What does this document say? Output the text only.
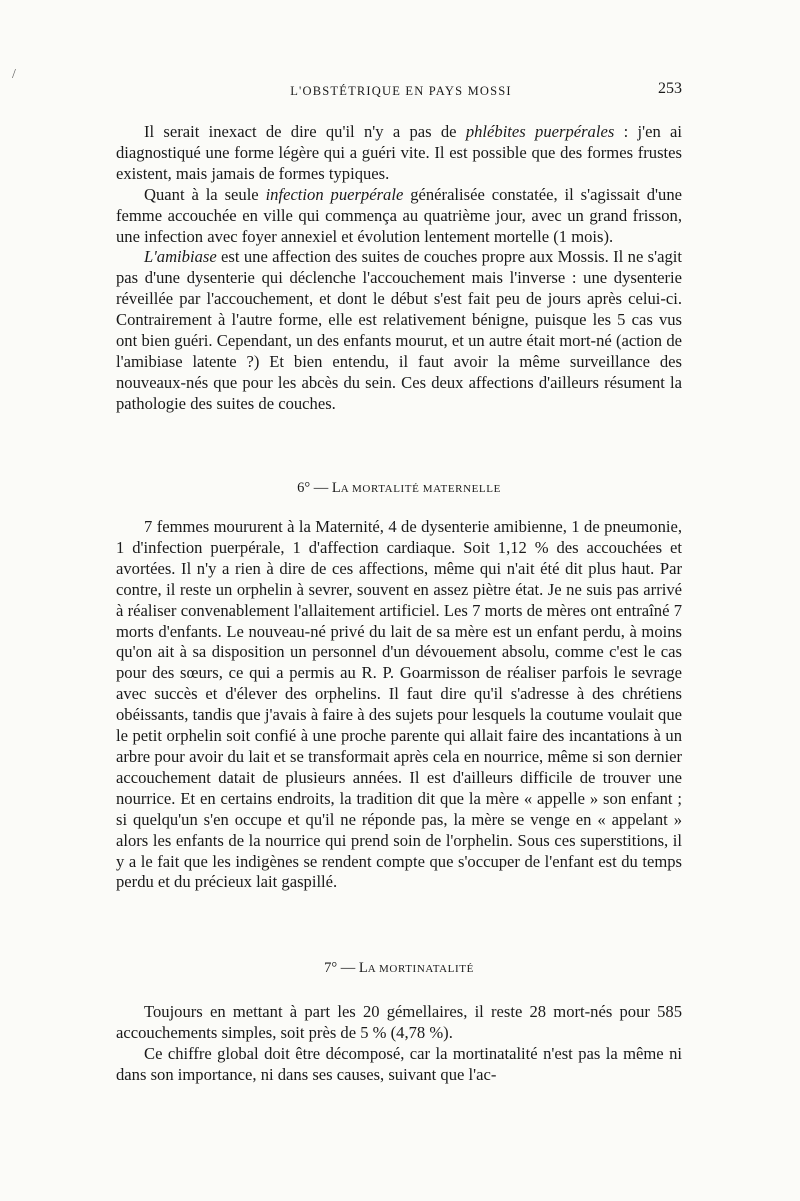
/
L'OBSTÉTRIQUE EN PAYS MOSSI	253

Il serait inexact de dire qu'il n'y a pas de phlébites puerpérales : j'en ai diagnostiqué une forme légère qui a guéri vite. Il est possible que des formes frustes existent, mais jamais de formes typiques.

Quant à la seule infection puerpérale généralisée constatée, il s'agissait d'une femme accouchée en ville qui commença au quatrième jour, avec un grand frisson, une infection avec foyer annexiel et évolution lentement mortelle (1 mois).

L'amibiase est une affection des suites de couches propre aux Mossis. Il ne s'agit pas d'une dysenterie qui déclenche l'accouchement mais l'inverse : une dysenterie réveillée par l'accouchement, et dont le début s'est fait peu de jours après celui-ci. Contrairement à l'autre forme, elle est relativement bénigne, puisque les 5 cas vus ont bien guéri. Cependant, un des enfants mourut, et un autre était mort-né (action de l'amibiase latente ?) Et bien entendu, il faut avoir la même surveillance des nouveaux-nés que pour les abcès du sein. Ces deux affections d'ailleurs résument la pathologie des suites de couches.

6° — LA MORTALITÉ MATERNELLE

7 femmes moururent à la Maternité, 4 de dysenterie amibienne, 1 de pneumonie, 1 d'infection puerpérale, 1 d'affection cardiaque. Soit 1,12 % des accouchées et avortées. Il n'y a rien à dire de ces affections, même qui n'ait été dit plus haut. Par contre, il reste un orphelin à sevrer, souvent en assez piètre état. Je ne suis pas arrivé à réaliser convenablement l'allaitement artificiel. Les 7 morts de mères ont entraîné 7 morts d'enfants. Le nouveau-né privé du lait de sa mère est un enfant perdu, à moins qu'on ait à sa disposition un personnel d'un dévouement absolu, comme c'est le cas pour des sœurs, ce qui a permis au R. P. Goarmisson de réaliser parfois le sevrage avec succès et d'élever des orphelins. Il faut dire qu'il s'adresse à des chrétiens obéissants, tandis que j'avais à faire à des sujets pour lesquels la coutume voulait que le petit orphelin soit confié à une proche parente qui allait faire des incantations à un arbre pour avoir du lait et se transformait après cela en nourrice, même si son dernier accouchement datait de plusieurs années. Il est d'ailleurs difficile de trouver une nourrice. Et en certains endroits, la tradition dit que la mère « appelle » son enfant ; si quelqu'un s'en occupe et qu'il ne réponde pas, la mère se venge en « appelant » alors les enfants de la nourrice qui prend soin de l'orphelin. Sous ces superstitions, il y a le fait que les indigènes se rendent compte que s'occuper de l'enfant est du temps perdu et du précieux lait gaspillé.

7° — LA MORTINATALITÉ

Toujours en mettant à part les 20 gémellaires, il reste 28 mort-nés pour 585 accouchements simples, soit près de 5 % (4,78 %).

Ce chiffre global doit être décomposé, car la mortinatalité n'est pas la même ni dans son importance, ni dans ses causes, suivant que l'ac-
